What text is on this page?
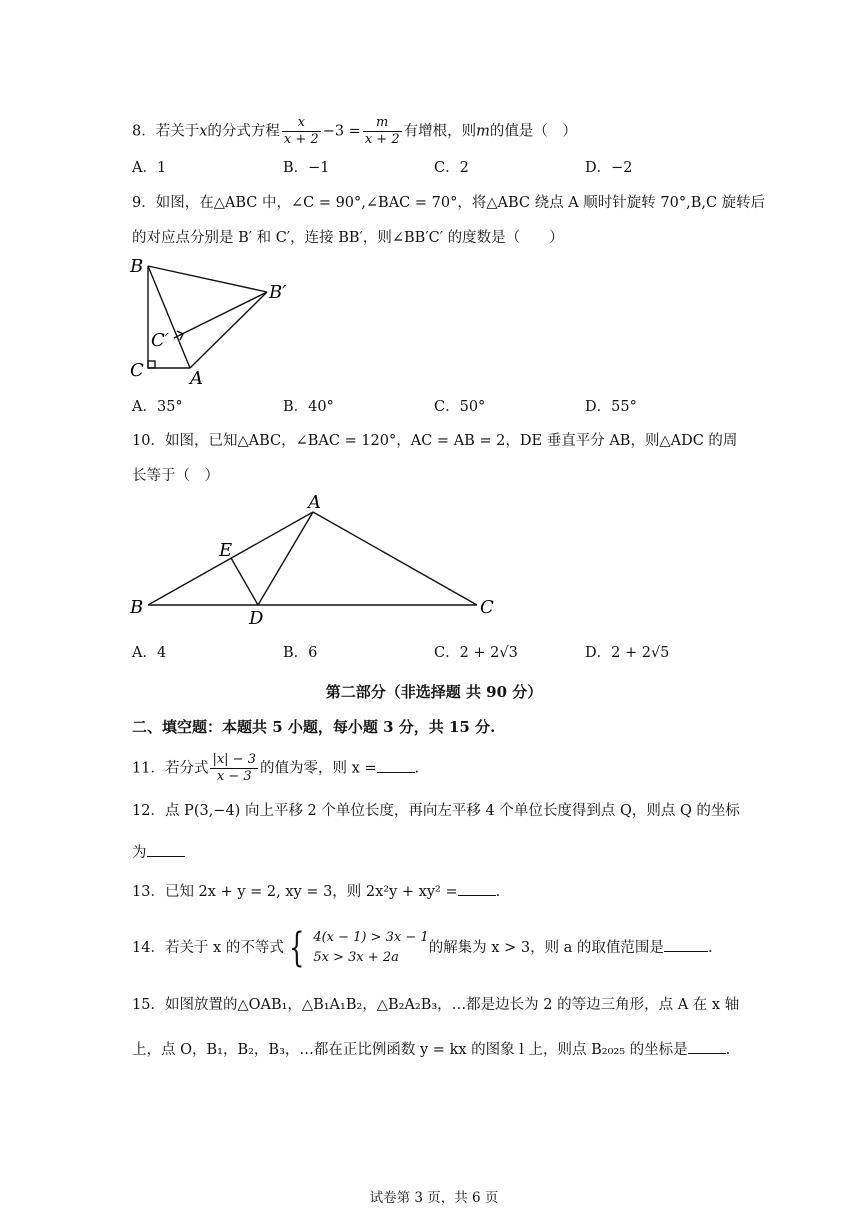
8．若关于x的分式方程 $\frac{x}{x + 2} -3 = \frac{m}{x + 2}$ 有增根，则m的值是（　）
A．1	B．−1	C．2	D．−2
9．如图，在△ABC 中，∠C = 90°,∠BAC = 70°，将△ABC 绕点 A 顺时针旋转 70°,B,C 旋转后
的对应点分别是 B′ 和 C′，连接 BB′，则∠BB′C′ 的度数是（　　）
B
B′
C′
C	A
A．35°	B．40°	C．50°	D．55°
10．如图，已知△ABC，∠BAC = 120°，AC = AB = 2，DE 垂直平分 AB，则△ADC 的周
长等于（　）
A
E
B
D
C
A．4	B．6	C．2 + 2√3	D．2 + 2√5
第二部分（非选择题 共 90 分）
二、填空题：本题共 5 小题，每小题 3 分，共 15 分.
11．若分式 $\frac{|x| - 3}{x - 3}$ 的值为零，则 x =	.
12．点 P(3,−4) 向上平移 2 个单位长度，再向左平移 4 个单位长度得到点 Q，则点 Q 的坐标
为
13．已知 2x + y = 2, xy = 3，则 2x²y + xy² =	.
14．若关于 x 的不等式 { 4(x − 1) > 3x − 1
5x > 3x + 2a
的解集为 x > 3，则 a 的取值范围是	.
15．如图放置的△OAB₁，△B₁A₁B₂，△B₂A₂B₃，…都是边长为 2 的等边三角形，点 A 在 x 轴
上，点 O，B₁，B₂，B₃，…都在正比例函数 y = kx 的图象 l 上，则点 B₂₀₂₅ 的坐标是	.
试卷第 3 页，共 6 页
